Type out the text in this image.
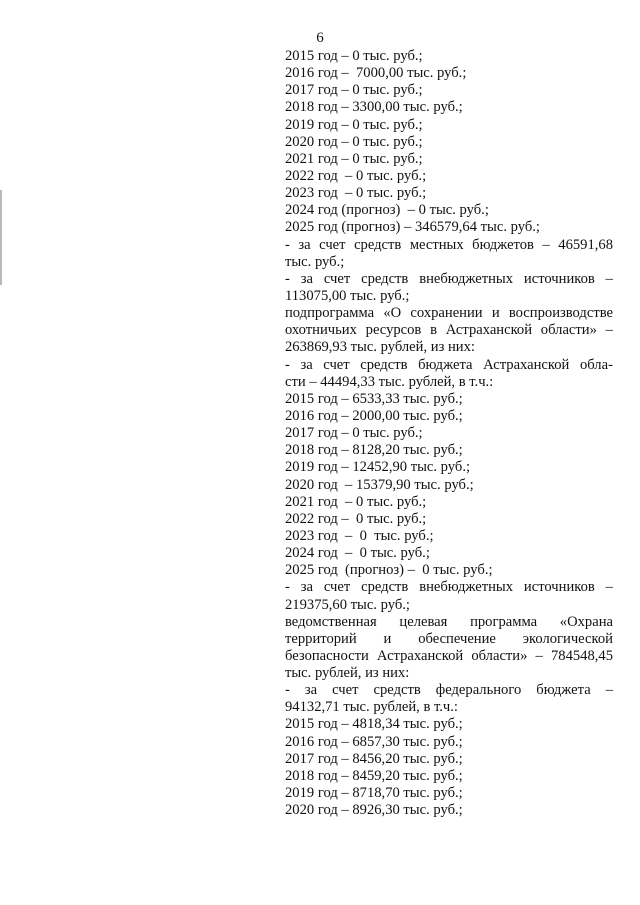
6
2015 год – 0 тыс. руб.;
2016 год –  7000,00 тыс. руб.;
2017 год – 0 тыс. руб.;
2018 год – 3300,00 тыс. руб.;
2019 год – 0 тыс. руб.;
2020 год – 0 тыс. руб.;
2021 год – 0 тыс. руб.;
2022 год  – 0 тыс. руб.;
2023 год  – 0 тыс. руб.;
2024 год (прогноз)  – 0 тыс. руб.;
2025 год (прогноз) – 346579,64 тыс. руб.;
- за счет средств местных бюджетов – 46591,68
тыс. руб.;
- за счет средств внебюджетных источников –
113075,00 тыс. руб.;
подпрограмма «О сохранении и воспроизводстве
охотничьих ресурсов в Астраханской области» –
263869,93 тыс. рублей, из них:
- за счет средств бюджета Астраханской обла-
сти – 44494,33 тыс. рублей, в т.ч.:
2015 год – 6533,33 тыс. руб.;
2016 год – 2000,00 тыс. руб.;
2017 год – 0 тыс. руб.;
2018 год – 8128,20 тыс. руб.;
2019 год – 12452,90 тыс. руб.;
2020 год  – 15379,90 тыс. руб.;
2021 год  – 0 тыс. руб.;
2022 год –  0 тыс. руб.;
2023 год  –  0  тыс. руб.;
2024 год  –  0 тыс. руб.;
2025 год  (прогноз) –  0 тыс. руб.;
- за счет средств внебюджетных источников –
219375,60 тыс. руб.;
ведомственная целевая программа «Охрана
территорий и обеспечение экологической
безопасности Астраханской области» – 784548,45
тыс. рублей, из них:
- за счет средств федерального бюджета –
94132,71 тыс. рублей, в т.ч.:
2015 год – 4818,34 тыс. руб.;
2016 год – 6857,30 тыс. руб.;
2017 год – 8456,20 тыс. руб.;
2018 год – 8459,20 тыс. руб.;
2019 год – 8718,70 тыс. руб.;
2020 год – 8926,30 тыс. руб.;
